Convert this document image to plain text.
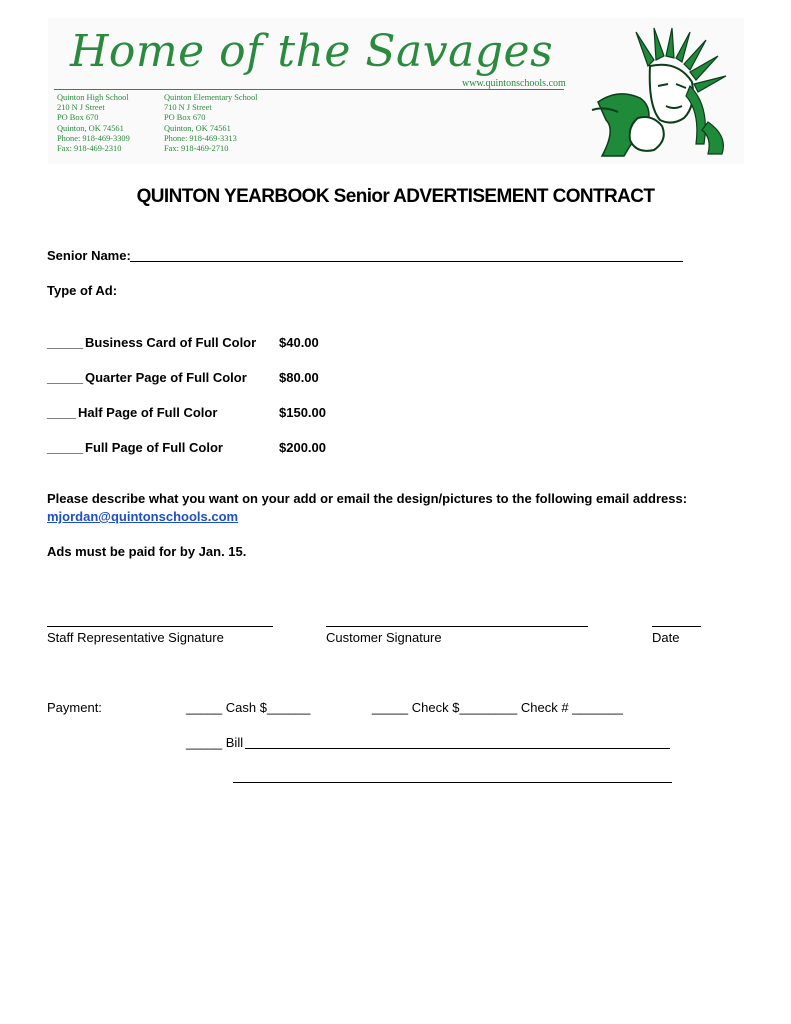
Home of the Savages
www.quintonschools.com
Quinton High School
210 N J Street
PO Box 670
Quinton, OK 74561
Phone: 918-469-3309
Fax: 918-469-2310
Quinton Elementary School
710 N J Street
PO Box 670
Quinton, OK 74561
Phone: 918-469-3313
Fax: 918-469-2710
QUINTON YEARBOOK Senior ADVERTISEMENT CONTRACT
Senior Name:
Type of Ad:
_____ Business Card of Full Color $40.00
_____ Quarter Page of Full Color $80.00
____ Half Page of Full Color	$150.00
_____ Full Page of Full Color	$200.00
Please describe what you want on your add or email the design/pictures to the following email address:
mjordan@quintonschools.com
Ads must be paid for by Jan. 15.
Staff Representative Signature	Customer Signature	Date
Payment:	_____ Cash $______	_____ Check $________ Check # _______
_____ Bill
